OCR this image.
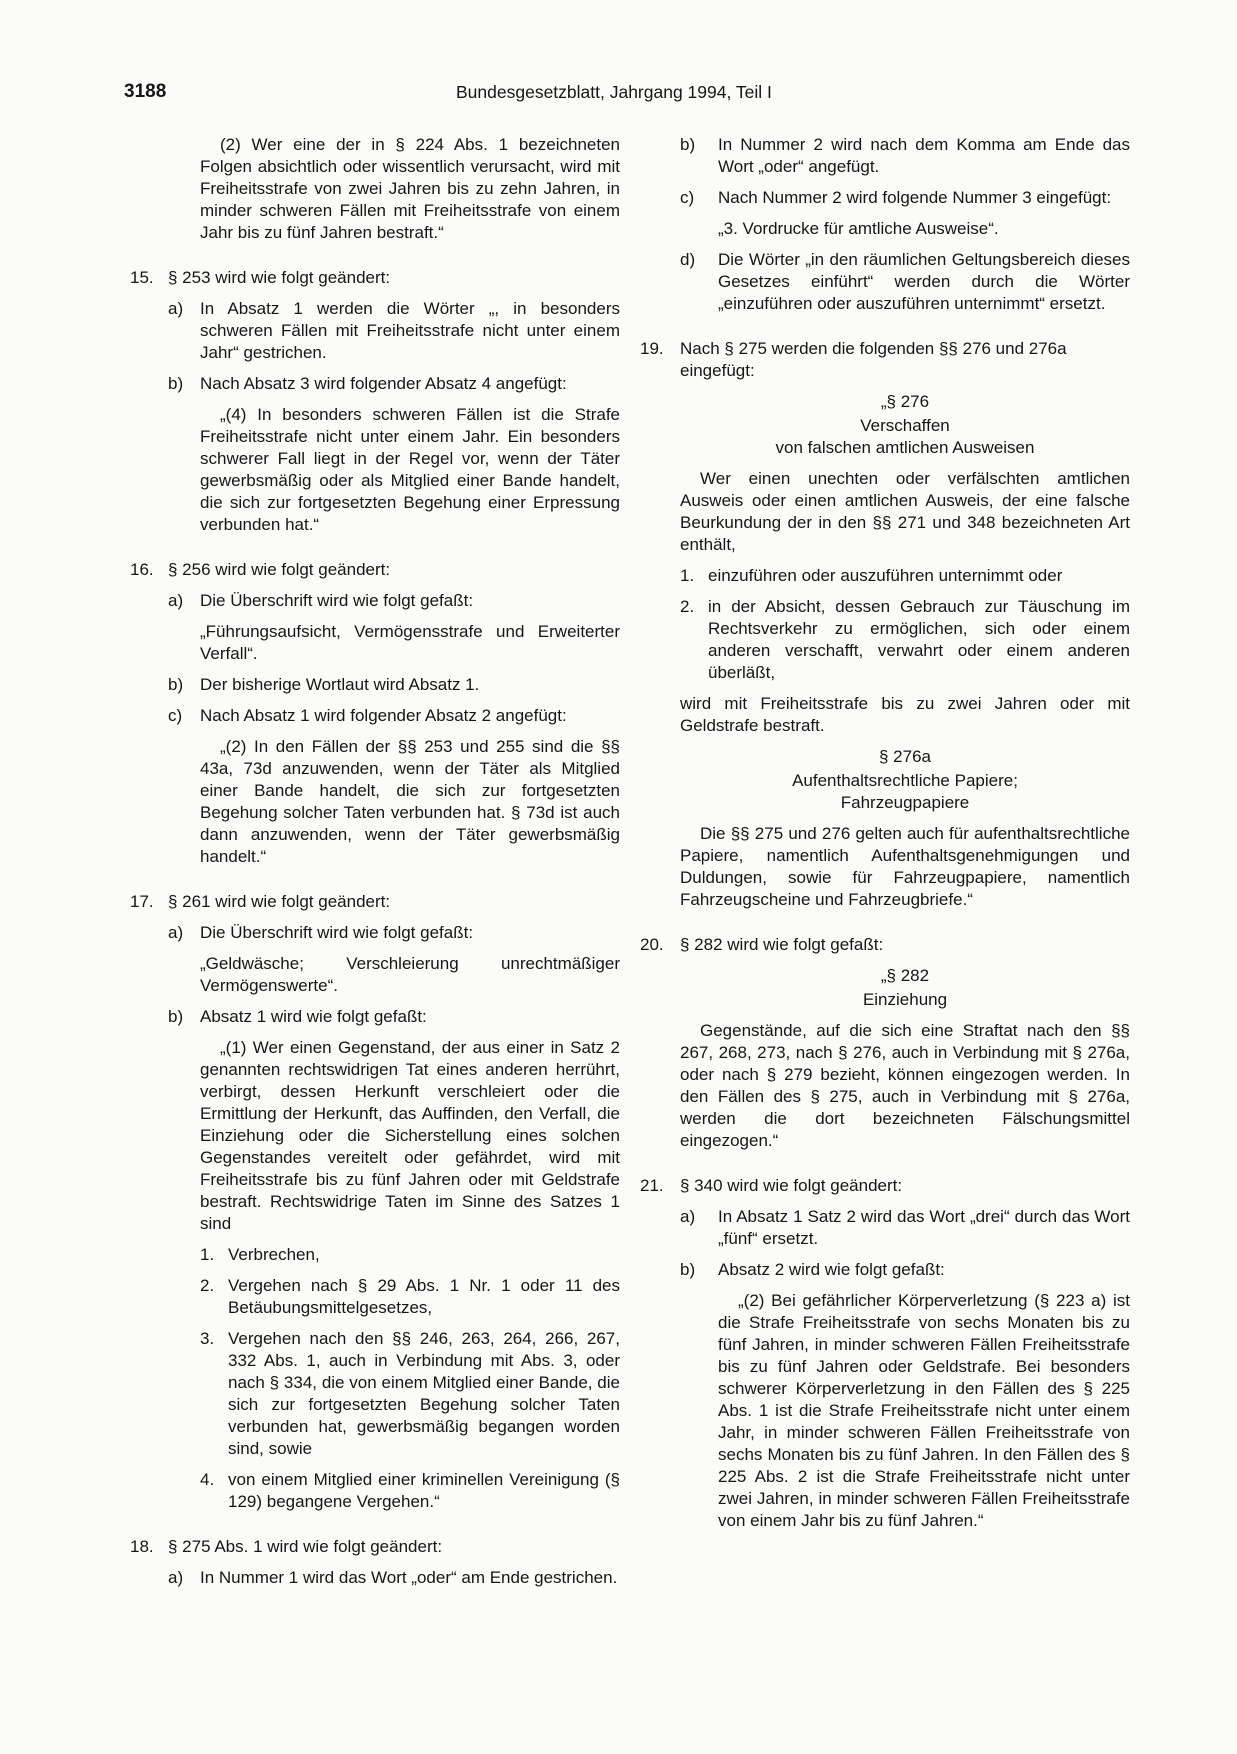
3188	Bundesgesetzblatt, Jahrgang 1994, Teil I
(2) Wer eine der in § 224 Abs. 1 bezeichneten Folgen absichtlich oder wissentlich verursacht, wird mit Freiheitsstrafe von zwei Jahren bis zu zehn Jahren, in minder schweren Fällen mit Freiheitsstrafe von einem Jahr bis zu fünf Jahren bestraft.“
15. § 253 wird wie folgt geändert:
a) In Absatz 1 werden die Wörter „, in besonders schweren Fällen mit Freiheitsstrafe nicht unter einem Jahr“ gestrichen.
b) Nach Absatz 3 wird folgender Absatz 4 angefügt:
„(4) In besonders schweren Fällen ist die Strafe Freiheitsstrafe nicht unter einem Jahr. Ein besonders schwerer Fall liegt in der Regel vor, wenn der Täter gewerbsmäßig oder als Mitglied einer Bande handelt, die sich zur fortgesetzten Begehung einer Erpressung verbunden hat.“
16. § 256 wird wie folgt geändert:
a) Die Überschrift wird wie folgt gefaßt:
„Führungsaufsicht, Vermögensstrafe und Erweiterter Verfall“.
b) Der bisherige Wortlaut wird Absatz 1.
c) Nach Absatz 1 wird folgender Absatz 2 angefügt:
„(2) In den Fällen der §§ 253 und 255 sind die §§ 43a, 73d anzuwenden, wenn der Täter als Mitglied einer Bande handelt, die sich zur fortgesetzten Begehung solcher Taten verbunden hat. § 73d ist auch dann anzuwenden, wenn der Täter gewerbsmäßig handelt.“
17. § 261 wird wie folgt geändert:
a) Die Überschrift wird wie folgt gefaßt:
„Geldwäsche; Verschleierung unrechtmäßiger Vermögenswerte“.
b) Absatz 1 wird wie folgt gefaßt:
„(1) Wer einen Gegenstand, der aus einer in Satz 2 genannten rechtswidrigen Tat eines anderen herrührt, verbirgt, dessen Herkunft verschleiert oder die Ermittlung der Herkunft, das Auffinden, den Verfall, die Einziehung oder die Sicherstellung eines solchen Gegenstandes vereitelt oder gefährdet, wird mit Freiheitsstrafe bis zu fünf Jahren oder mit Geldstrafe bestraft. Rechtswidrige Taten im Sinne des Satzes 1 sind
1. Verbrechen,
2. Vergehen nach § 29 Abs. 1 Nr. 1 oder 11 des Betäubungsmittelgesetzes,
3. Vergehen nach den §§ 246, 263, 264, 266, 267, 332 Abs. 1, auch in Verbindung mit Abs. 3, oder nach § 334, die von einem Mitglied einer Bande, die sich zur fortgesetzten Begehung solcher Taten verbunden hat, gewerbsmäßig begangen worden sind, sowie
4. von einem Mitglied einer kriminellen Vereinigung (§ 129) begangene Vergehen.“
18. § 275 Abs. 1 wird wie folgt geändert:
a) In Nummer 1 wird das Wort „oder“ am Ende gestrichen.
b) In Nummer 2 wird nach dem Komma am Ende das Wort „oder“ angefügt.
c) Nach Nummer 2 wird folgende Nummer 3 eingefügt:
„3. Vordrucke für amtliche Ausweise“.
d) Die Wörter „in den räumlichen Geltungsbereich dieses Gesetzes einführt“ werden durch die Wörter „einzuführen oder auszuführen unternimmt“ ersetzt.
19. Nach § 275 werden die folgenden §§ 276 und 276a eingefügt:
„§ 276
Verschaffen
von falschen amtlichen Ausweisen
Wer einen unechten oder verfälschten amtlichen Ausweis oder einen amtlichen Ausweis, der eine falsche Beurkundung der in den §§ 271 und 348 bezeichneten Art enthält,
1. einzuführen oder auszuführen unternimmt oder
2. in der Absicht, dessen Gebrauch zur Täuschung im Rechtsverkehr zu ermöglichen, sich oder einem anderen verschafft, verwahrt oder einem anderen überläßt,
wird mit Freiheitsstrafe bis zu zwei Jahren oder mit Geldstrafe bestraft.
§ 276a
Aufenthaltsrechtliche Papiere;
Fahrzeugpapiere
Die §§ 275 und 276 gelten auch für aufenthaltsrechtliche Papiere, namentlich Aufenthaltsgenehmigungen und Duldungen, sowie für Fahrzeugpapiere, namentlich Fahrzeugscheine und Fahrzeugbriefe.“
20. § 282 wird wie folgt gefaßt:
„§ 282
Einziehung
Gegenstände, auf die sich eine Straftat nach den §§ 267, 268, 273, nach § 276, auch in Verbindung mit § 276a, oder nach § 279 bezieht, können eingezogen werden. In den Fällen des § 275, auch in Verbindung mit § 276a, werden die dort bezeichneten Fälschungsmittel eingezogen.“
21. § 340 wird wie folgt geändert:
a) In Absatz 1 Satz 2 wird das Wort „drei“ durch das Wort „fünf“ ersetzt.
b) Absatz 2 wird wie folgt gefaßt:
„(2) Bei gefährlicher Körperverletzung (§ 223 a) ist die Strafe Freiheitsstrafe von sechs Monaten bis zu fünf Jahren, in minder schweren Fällen Freiheitsstrafe bis zu fünf Jahren oder Geldstrafe. Bei besonders schwerer Körperverletzung in den Fällen des § 225 Abs. 1 ist die Strafe Freiheitsstrafe nicht unter einem Jahr, in minder schweren Fällen Freiheitsstrafe von sechs Monaten bis zu fünf Jahren. In den Fällen des § 225 Abs. 2 ist die Strafe Freiheitsstrafe nicht unter zwei Jahren, in minder schweren Fällen Freiheitsstrafe von einem Jahr bis zu fünf Jahren.“
